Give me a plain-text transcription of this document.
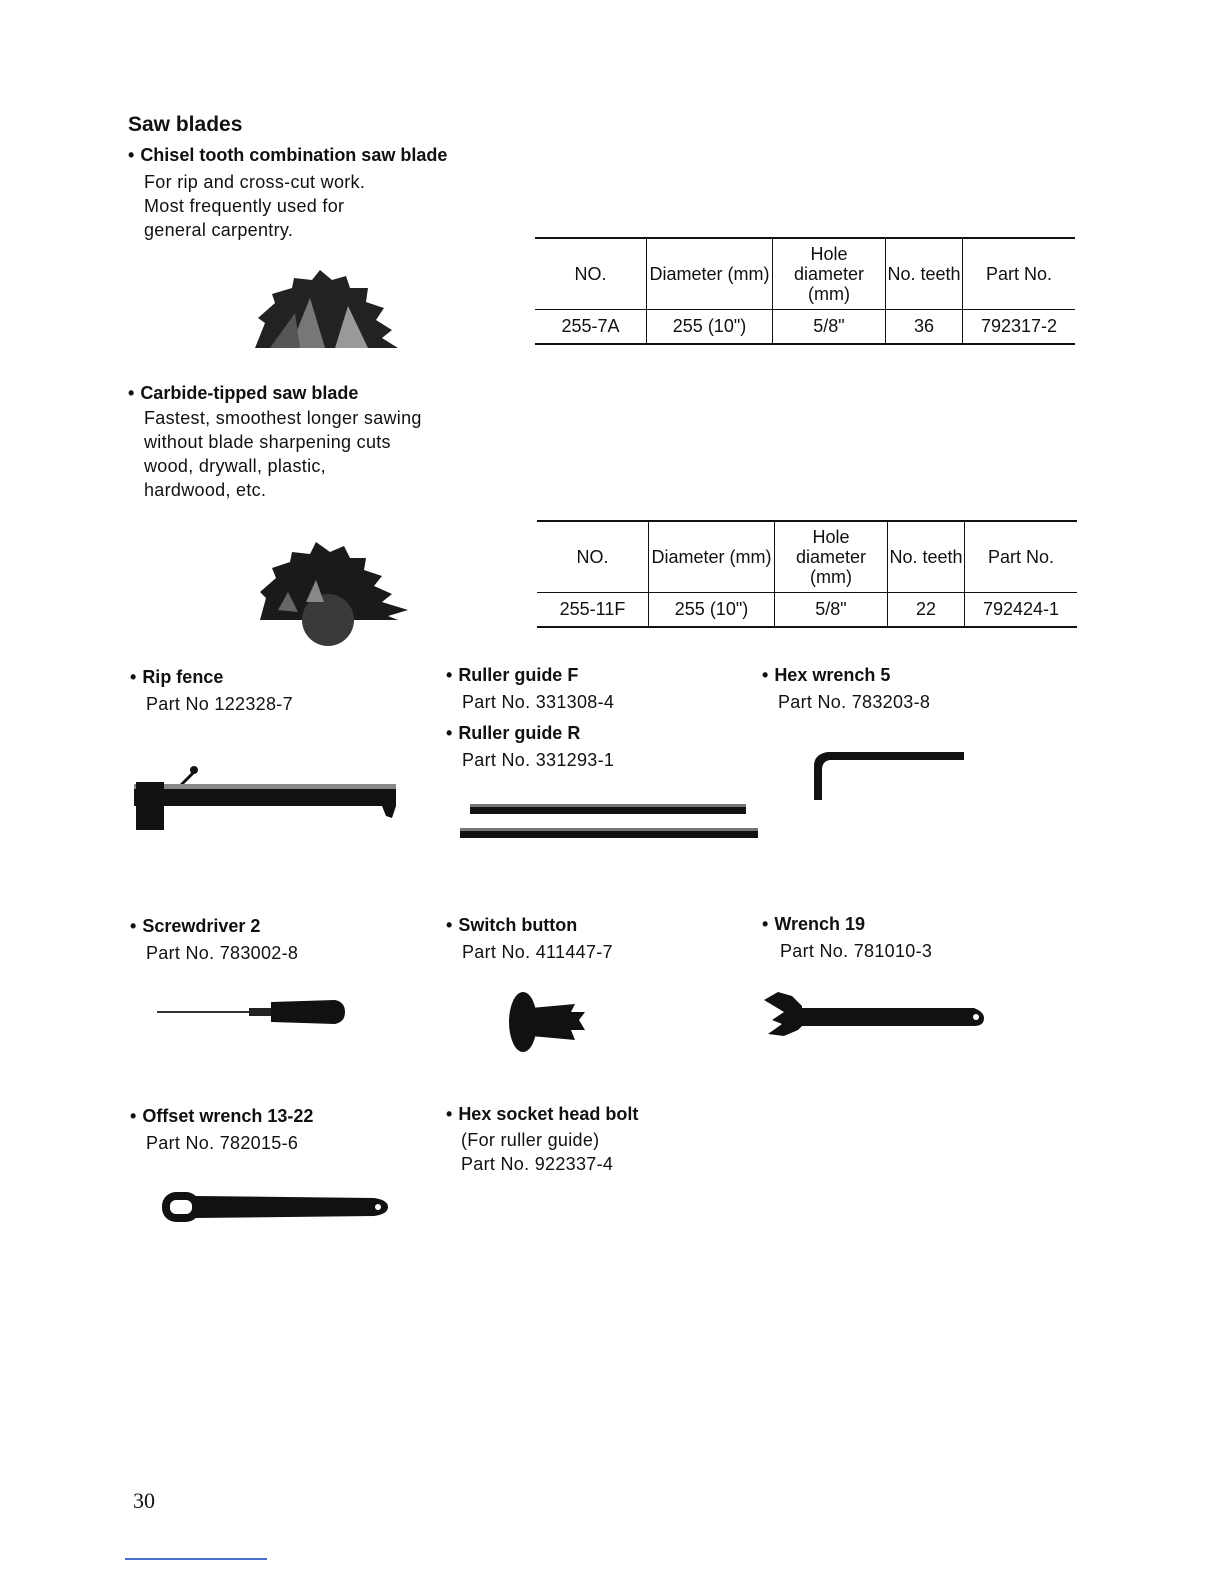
Saw blades
• Chisel tooth combination saw blade
For rip and cross-cut work.
Most frequently used for
general carpentry.
NO.	Diameter (mm)	Hole diameter (mm)	No. teeth	Part No.
255-7A	255 (10")	5/8"	36	792317-2
• Carbide-tipped saw blade
Fastest, smoothest longer sawing
without blade sharpening cuts
wood, drywall, plastic,
hardwood, etc.
NO.	Diameter (mm)	Hole diameter (mm)	No. teeth	Part No.
255-11F	255 (10")	5/8"	22	792424-1
• Rip fence
Part No 122328-7
• Ruller guide F
Part No. 331308-4
• Ruller guide R
Part No. 331293-1
• Hex wrench 5
Part No. 783203-8
• Screwdriver 2
Part No. 783002-8
• Switch button
Part No. 411447-7
• Wrench 19
Part No. 781010-3
• Offset wrench 13-22
Part No. 782015-6
• Hex socket head bolt
(For ruller guide)
Part No. 922337-4
30
